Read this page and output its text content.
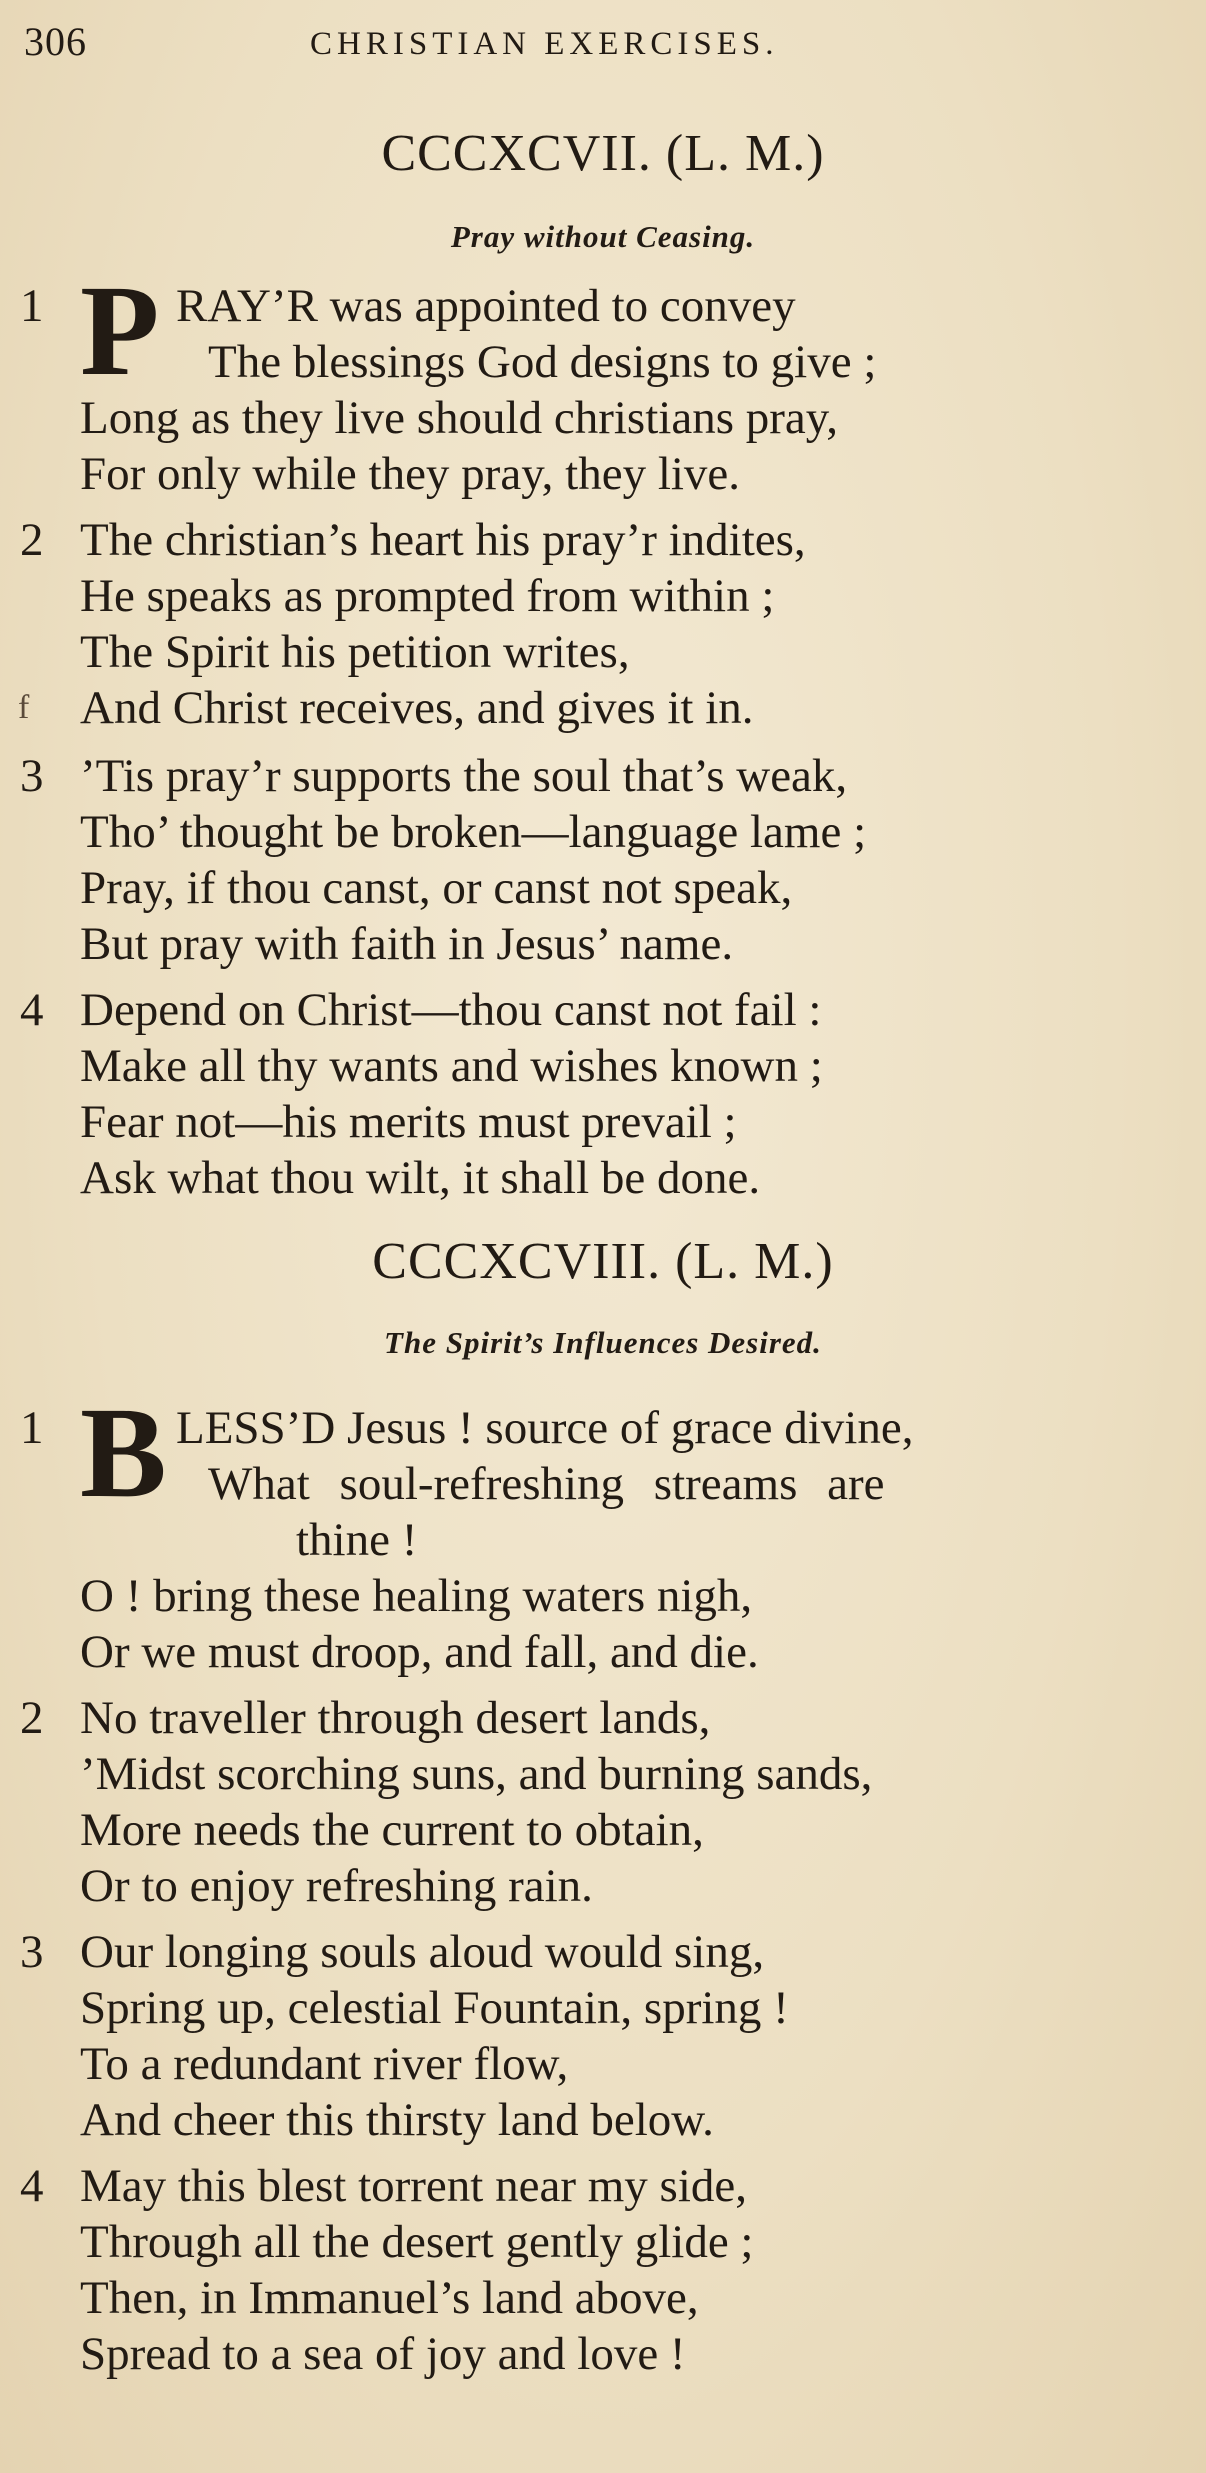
306	CHRISTIAN EXERCISES.
CCCXCVII. (L. M.)
Pray without Ceasing.
1 P RAY’R was appointed to convey
The blessings God designs to give ;
Long as they live should christians pray,
For only while they pray, they live.
2 The christian’s heart his pray’r indites,
He speaks as prompted from within ;
The Spirit his petition writes,
f And Christ receives, and gives it in.
3 ’Tis pray’r supports the soul that’s weak,
Tho’ thought be broken—language lame ;
Pray, if thou canst, or canst not speak,
But pray with faith in Jesus’ name.
4 Depend on Christ—thou canst not fail :
Make all thy wants and wishes known ;
Fear not—his merits must prevail ;
Ask what thou wilt, it shall be done.
CCCXCVIII. (L. M.)
The Spirit’s Influences Desired.
1 B LESS’D Jesus ! source of grace divine,
What soul-refreshing streams are
thine !
O ! bring these healing waters nigh,
Or we must droop, and fall, and die.
2 No traveller through desert lands,
’Midst scorching suns, and burning sands,
More needs the current to obtain,
Or to enjoy refreshing rain.
3 Our longing souls aloud would sing,
Spring up, celestial Fountain, spring !
To a redundant river flow,
And cheer this thirsty land below.
4 May this blest torrent near my side,
Through all the desert gently glide ;
Then, in Immanuel’s land above,
Spread to a sea of joy and love !
